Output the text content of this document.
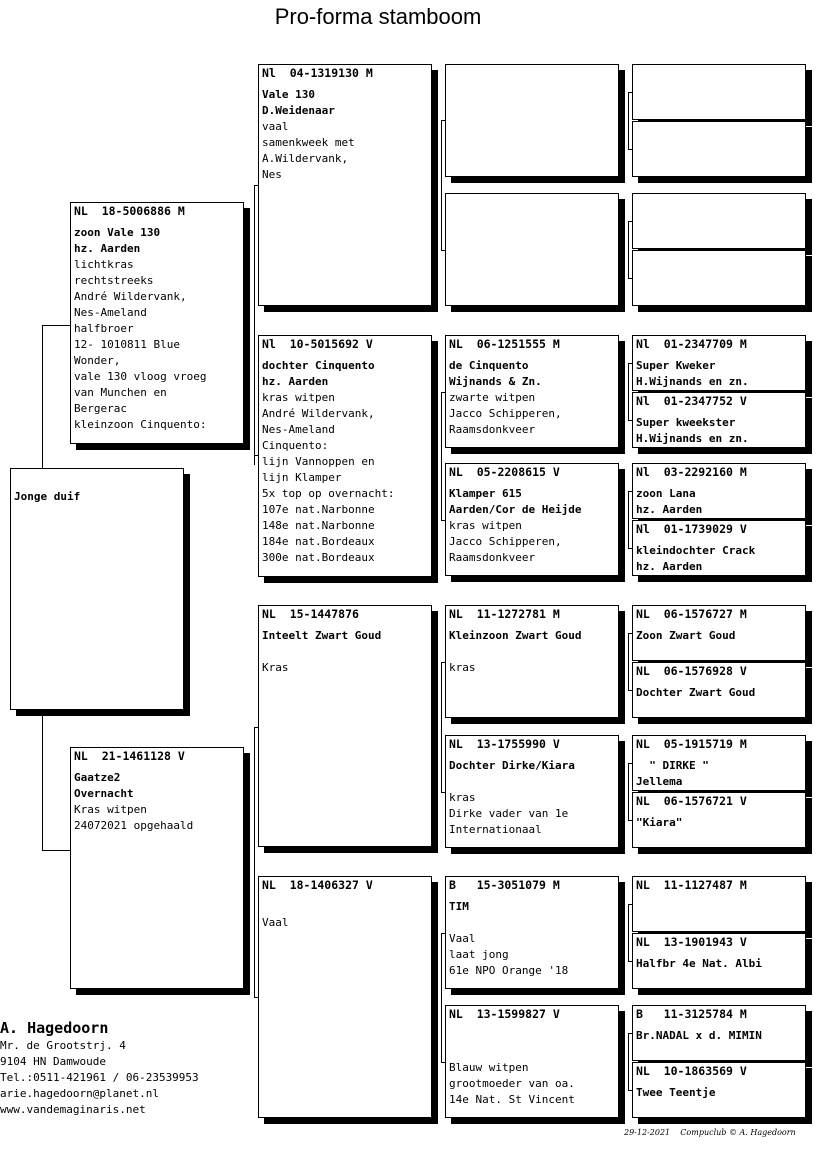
Pro-forma stamboom
A. Hagedoorn
Mr. de Grootstrj. 4
9104 HN Damwoude
Tel.:0511-421961 / 06-23539953
arie.hagedoorn@planet.nl
www.vandemaginaris.net
29-12-2021    Compuclub © A. Hagedoorn
Jonge duif
NL  18-5006886 M
zoon Vale 130
hz. Aarden
lichtkras
rechtstreeks
André Wildervank,
Nes-Ameland
halfbroer
12- 1010811 Blue
Wonder,
vale 130 vloog vroeg
van Munchen en
Bergerac
kleinzoon Cinquento:

NL  21-1461128 V
Gaatze2
Overnacht
Kras witpen
24072021 opgehaald

Nl  04-1319130 M
Vale 130
D.Weidenaar
vaal
samenkweek met
A.Wildervank,
Nes

Nl  10-5015692 V
dochter Cinquento
hz. Aarden
kras witpen
André Wildervank,
Nes-Ameland
Cinquento:
lijn Vannoppen en
lijn Klamper
5x top op overnacht:
107e nat.Narbonne
148e nat.Narbonne
184e nat.Bordeaux
300e nat.Bordeaux

NL  15-1447876
Inteelt Zwart Goud

Kras

NL  18-1406327 V

Vaal

NL  06-1251555 M
de Cinquento
Wijnands & Zn.
zwarte witpen
Jacco Schipperen,
Raamsdonkveer

NL  05-2208615 V
Klamper 615
Aarden/Cor de Heijde
kras witpen
Jacco Schipperen,
Raamsdonkveer

NL  11-1272781 M
Kleinzoon Zwart Goud

kras

NL  13-1755990 V
Dochter Dirke/Kiara

kras
Dirke vader van 1e
Internationaal

B   15-3051079 M
TIM

Vaal
laat jong
61e NPO Orange '18

NL  13-1599827 V

Blauw witpen
grootmoeder van oa.
14e Nat. St Vincent

Nl  01-2347709 M
Super Kweker
H.Wijnands en zn.

Nl  01-2347752 V
Super kweekster
H.Wijnands en zn.

Nl  03-2292160 M
zoon Lana
hz. Aarden

Nl  01-1739029 V
kleindochter Crack
hz. Aarden

NL  06-1576727 M
Zoon Zwart Goud

NL  06-1576928 V
Dochter Zwart Goud

NL  05-1915719 M
" DIRKE "
Jellema

NL  06-1576721 V
"Kiara"

NL  11-1127487 M
NL  13-1901943 V
Halfbr 4e Nat. Albi

B   11-3125784 M
Br.NADAL x d. MIMIN

NL  10-1863569 V
Twee Teentje
